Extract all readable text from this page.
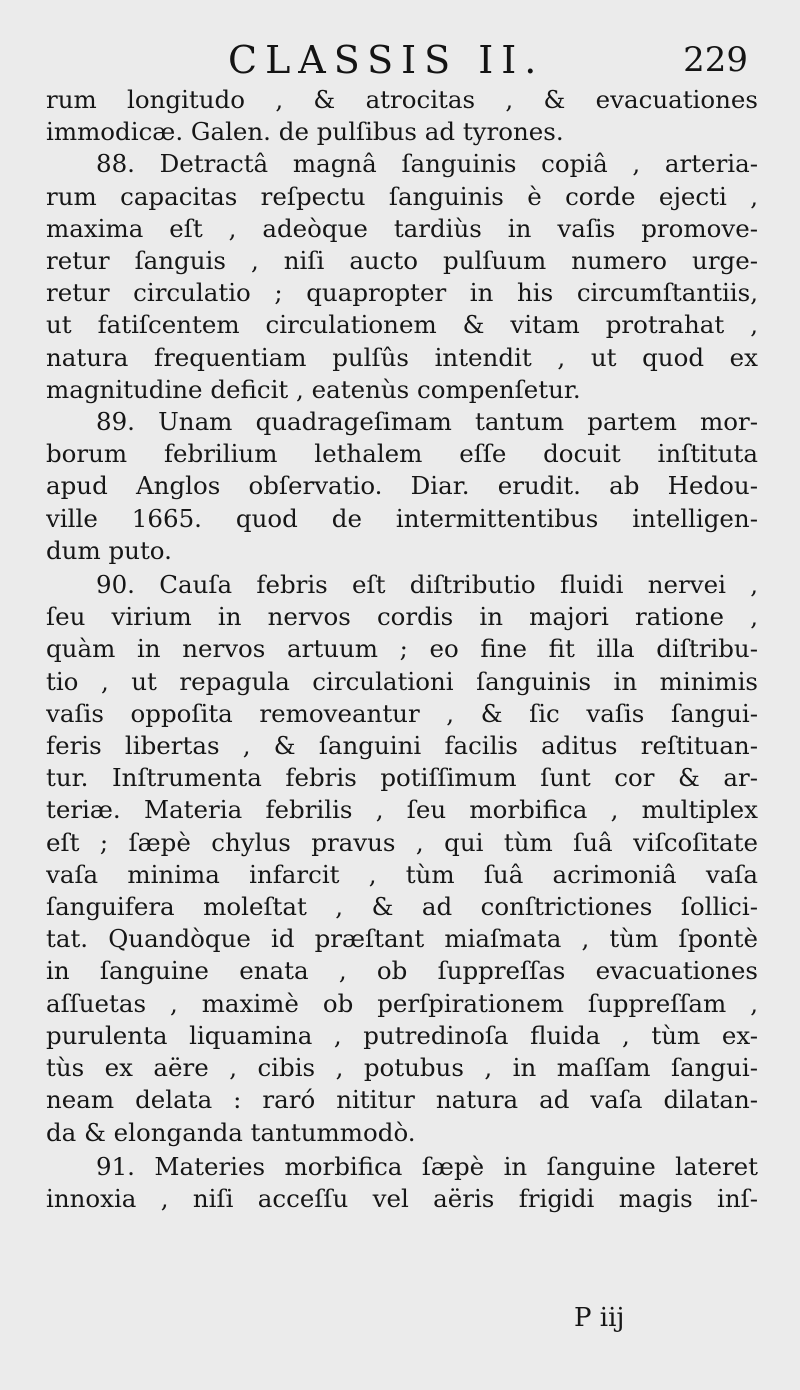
CLASSIS II.	229
rum longitudo , & atrocitas , & evacuationes
immodicæ. Galen. de pulſibus ad tyrones.
88. Detractâ magnâ ſanguinis copiâ , arteria-
rum capacitas reſpectu ſanguinis è corde ejecti ,
maxima eſt , adeòque tardiùs in vaſis promove-
retur ſanguis , niſi aucto pulſuum numero urge-
retur circulatio ; quapropter in his circumſtantiis,
ut fatiſcentem circulationem & vitam protrahat ,
natura frequentiam pulſûs intendit , ut quod ex
magnitudine deficit , eatenùs compenſetur.
89. Unam quadrageſimam tantum partem mor-
borum febrilium lethalem eſſe docuit inſtituta
apud Anglos obſervatio. Diar. erudit. ab Hedou-
ville 1665. quod de intermittentibus intelligen-
dum puto.
90. Cauſa febris eſt diſtributio fluidi nervei ,
ſeu virium in nervos cordis in majori ratione ,
quàm in nervos artuum ; eo fine fit illa diſtribu-
tio , ut repagula circulationi ſanguinis in minimis
vaſis oppoſita removeantur , & ſic vaſis ſangui-
feris libertas , & ſanguini facilis aditus reſtituan-
tur. Inſtrumenta febris potiſſimum ſunt cor & ar-
teriæ. Materia febrilis , ſeu morbifica , multiplex
eſt ; ſæpè chylus pravus , qui tùm ſuâ viſcoſitate
vaſa minima infarcit , tùm ſuâ acrimoniâ vaſa
ſanguifera moleſtat , & ad conſtrictiones ſollici-
tat. Quandòque id præſtant miaſmata , tùm ſpontè
in ſanguine enata , ob ſuppreſſas evacuationes
aſſuetas , maximè ob perſpirationem ſuppreſſam ,
purulenta liquamina , putredinoſa fluida , tùm ex-
tùs ex aëre , cibis , potubus , in maſſam ſangui-
neam delata : raró nititur natura ad vaſa dilatan-
da & elonganda tantummodò.
91. Materies morbifica ſæpè in ſanguine lateret
innoxia , niſi acceſſu vel aëris frigidi magis inſ-
P iij
